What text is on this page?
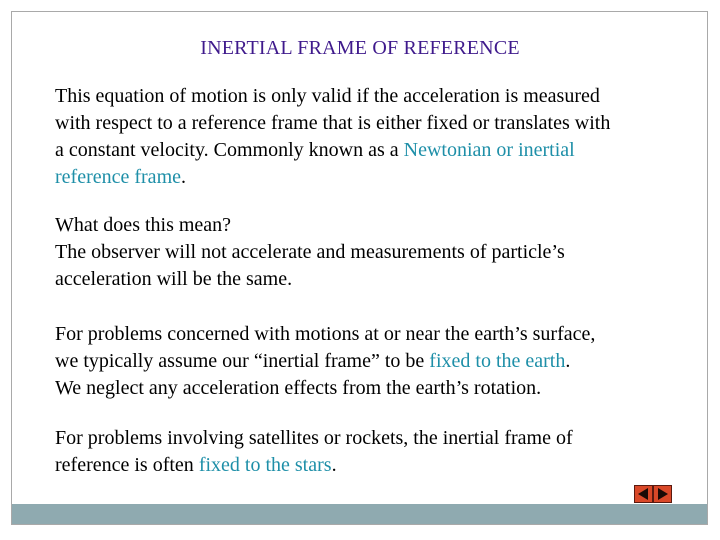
INERTIAL FRAME OF REFERENCE

This equation of motion is only valid if the acceleration is measured
with respect to a reference frame that is either fixed or translates with
a constant velocity. Commonly known as a Newtonian or inertial
reference frame.

What does this mean?
The observer will not accelerate and measurements of particle’s
acceleration will be the same.

For problems concerned with motions at or near the earth’s surface,
we typically assume our “inertial frame” to be fixed to the earth.
We neglect any acceleration effects from the earth’s rotation.

For problems involving satellites or rockets, the inertial frame of
reference is often fixed to the stars.
